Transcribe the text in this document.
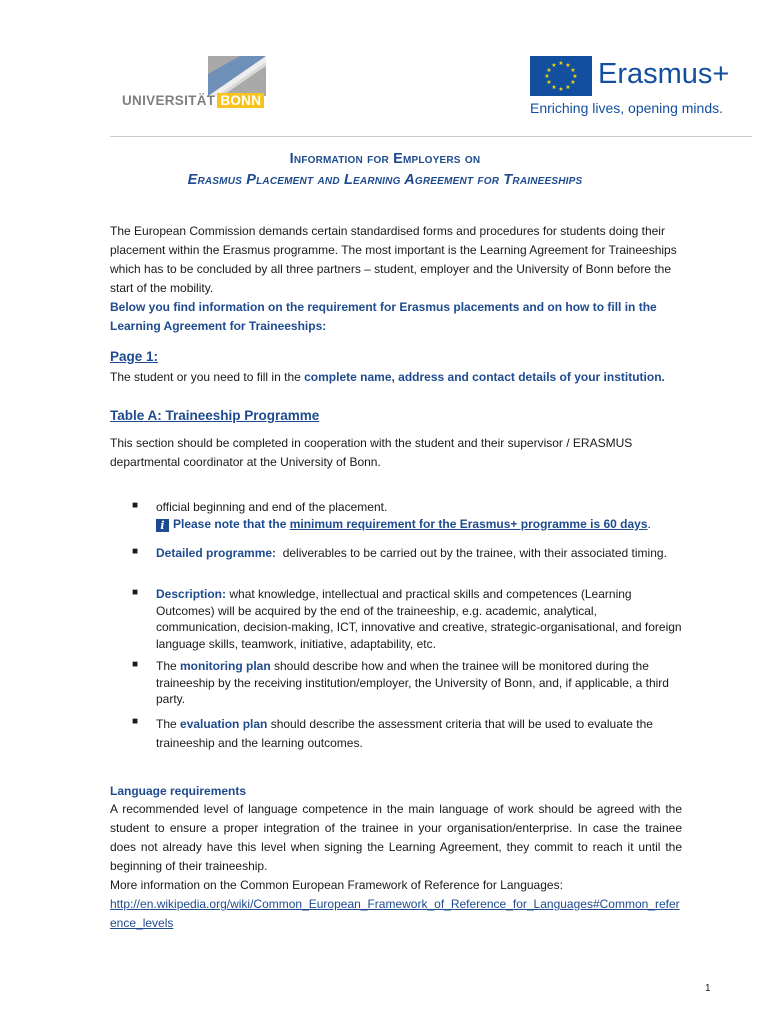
UNIVERSITÄT BONN
★ ★
★
★
★
★
★
★
★
★
★
★ Erasmus+
Enriching lives, opening minds.
Information for Employers on
Erasmus Placement and Learning Agreement for Traineeships
The European Commission demands certain standardised forms and procedures for students doing their placement within the Erasmus programme. The most important is the Learning Agreement for Traineeships which has to be concluded by all three partners – student, employer and the University of Bonn before the start of the mobility.
Below you find information on the requirement for Erasmus placements and on how to fill in the Learning Agreement for Traineeships:
Page 1:
The student or you need to fill in the complete name, address and contact details of your institution.
Table A: Traineeship Programme
This section should be completed in cooperation with the student and their supervisor / ERASMUS departmental coordinator at the University of Bonn.
■ official beginning and end of the placement.
i Please note that the minimum requirement for the Erasmus+ programme is 60 days.
■ Detailed programme:  deliverables to be carried out by the trainee, with their associated timing.
■ Description: what knowledge, intellectual and practical skills and competences (Learning Outcomes) will be acquired by the end of the traineeship, e.g. academic, analytical, communication, decision-making, ICT, innovative and creative, strategic-organisational, and foreign language skills, teamwork, initiative, adaptability, etc.
■ The monitoring plan should describe how and when the trainee will be monitored during the traineeship by the receiving institution/employer, the University of Bonn, and, if applicable, a third party.
■ The evaluation plan should describe the assessment criteria that will be used to evaluate the traineeship and the learning outcomes.
Language requirements
A recommended level of language competence in the main language of work should be agreed with the student to ensure a proper integration of the trainee in your organisation/enterprise. In case the trainee does not already have this level when signing the Learning Agreement, they commit to reach it until the beginning of their traineeship.
More information on the Common European Framework of Reference for Languages:
http://en.wikipedia.org/wiki/Common_European_Framework_of_Reference_for_Languages#Common_reference_levels
1
